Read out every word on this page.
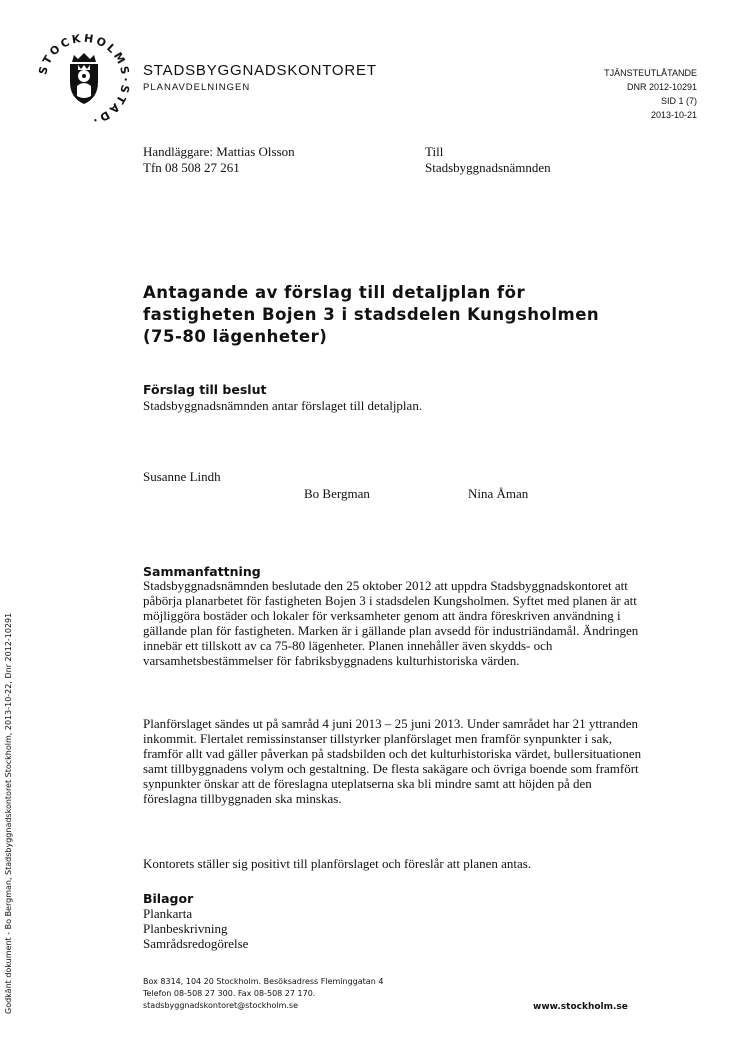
TOCKHOLM TAD·
STADSBYGGNADSKONTORET
PLANAVDELNINGEN
TJÄNSTEUTLÅTANDE
DNR 2012-10291
SID 1 (7)
2013-10-21
Handläggare: Mattias Olsson
Tfn 08 508 27 261
Till
Stadsbyggnadsnämnden
Antagande av förslag till detaljplan för fastigheten Bojen 3 i stadsdelen Kungsholmen (75-80 lägenheter)
Förslag till beslut
Stadsbyggnadsnämnden antar förslaget till detaljplan.
Susanne Lindh
Bo Bergman	Nina Åman
Sammanfattning
Stadsbyggnadsnämnden beslutade den 25 oktober 2012 att uppdra Stadsbyggnadskontoret att påbörja planarbetet för fastigheten Bojen 3 i stadsdelen Kungsholmen. Syftet med planen är att möjliggöra bostäder och lokaler för verksamheter genom att ändra föreskriven användning i gällande plan för fastigheten. Marken är i gällande plan avsedd för industriändamål. Ändringen innebär ett tillskott av ca 75-80 lägenheter. Planen innehåller även skydds- och varsamhetsbestämmelser för fabriksbyggnadens kulturhistoriska värden.
Planförslaget sändes ut på samråd 4 juni 2013 – 25 juni 2013. Under samrådet har 21 yttranden inkommit. Flertalet remissinstanser tillstyrker planförslaget men framför synpunkter i sak, framför allt vad gäller påverkan på stadsbilden och det kulturhistoriska värdet, bullersituationen samt tillbyggnadens volym och gestaltning. De flesta sakägare och övriga boende som framfört synpunkter önskar att de föreslagna uteplatserna ska bli mindre samt att höjden på den föreslagna tillbyggnaden ska minskas.
Kontorets ställer sig positivt till planförslaget och föreslår att planen antas.
Bilagor
Plankarta
Planbeskrivning
Samrådsredogörelse
Box 8314, 104 20 Stockholm. Besöksadress Fleminggatan 4
Telefon 08-508 27 300. Fax 08-508 27 170.
stadsbyggnadskontoret@stockholm.se	www.stockholm.se
Godkänt dokument - Bo Bergman, Stadsbyggnadskontoret Stockholm, 2013-10-22, Dnr 2012-10291
